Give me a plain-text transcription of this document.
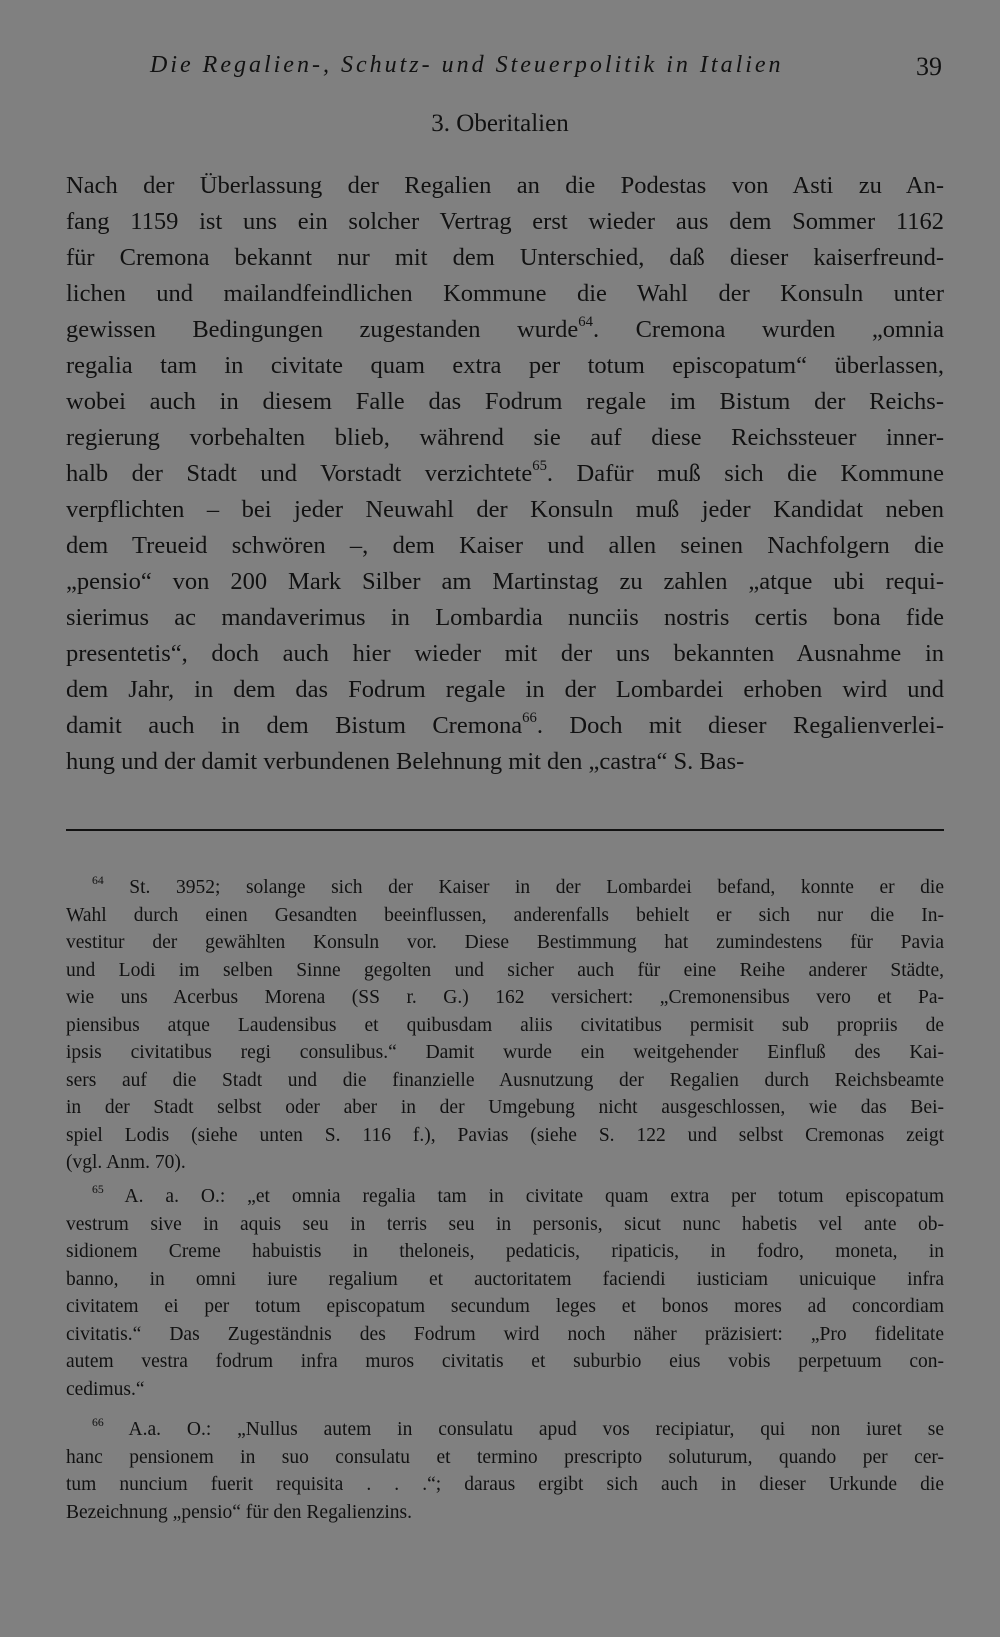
Die Regalien-, Schutz- und Steuerpolitik in Italien	39
3. Oberitalien
Nach der Überlassung der Regalien an die Podestas von Asti zu An-
fang 1159 ist uns ein solcher Vertrag erst wieder aus dem Sommer 1162
für Cremona bekannt nur mit dem Unterschied, daß dieser kaiserfreund-
lichen und mailandfeindlichen Kommune die Wahl der Konsuln unter
gewissen Bedingungen zugestanden wurde$^{64}$. Cremona wurden „omnia
regalia tam in civitate quam extra per totum episcopatum“ überlassen,
wobei auch in diesem Falle das Fodrum regale im Bistum der Reichs-
regierung vorbehalten blieb, während sie auf diese Reichssteuer inner-
halb der Stadt und Vorstadt verzichtete$^{65}$. Dafür muß sich die Kommune
verpflichten – bei jeder Neuwahl der Konsuln muß jeder Kandidat neben
dem Treueid schwören –, dem Kaiser und allen seinen Nachfolgern die
„pensio“ von 200 Mark Silber am Martinstag zu zahlen „atque ubi requi-
sierimus ac mandaverimus in Lombardia nunciis nostris certis bona fide
presentetis“, doch auch hier wieder mit der uns bekannten Ausnahme in
dem Jahr, in dem das Fodrum regale in der Lombardei erhoben wird und
damit auch in dem Bistum Cremona$^{66}$. Doch mit dieser Regalienverlei-
hung und der damit verbundenen Belehnung mit den „castra“ S. Bas-
$^{64}$ St. 3952; solange sich der Kaiser in der Lombardei befand, konnte er die
Wahl durch einen Gesandten beeinflussen, anderenfalls behielt er sich nur die In-
vestitur der gewählten Konsuln vor. Diese Bestimmung hat zumindestens für Pavia
und Lodi im selben Sinne gegolten und sicher auch für eine Reihe anderer Städte,
wie uns Acerbus Morena (SS r. G.) 162 versichert: „Cremonensibus vero et Pa-
piensibus atque Laudensibus et quibusdam aliis civitatibus permisit sub propriis de
ipsis civitatibus regi consulibus.“ Damit wurde ein weitgehender Einfluß des Kai-
sers auf die Stadt und die finanzielle Ausnutzung der Regalien durch Reichsbeamte
in der Stadt selbst oder aber in der Umgebung nicht ausgeschlossen, wie das Bei-
spiel Lodis (siehe unten S. 116 f.), Pavias (siehe S. 122 und selbst Cremonas zeigt
(vgl. Anm. 70).
$^{65}$ A. a. O.: „et omnia regalia tam in civitate quam extra per totum episcopatum
vestrum sive in aquis seu in terris seu in personis, sicut nunc habetis vel ante ob-
sidionem Creme habuistis in theloneis, pedaticis, ripaticis, in fodro, moneta, in
banno, in omni iure regalium et auctoritatem faciendi iusticiam unicuique infra
civitatem ei per totum episcopatum secundum leges et bonos mores ad concordiam
civitatis.“ Das Zugeständnis des Fodrum wird noch näher präzisiert: „Pro fidelitate
autem vestra fodrum infra muros civitatis et suburbio eius vobis perpetuum con-
cedimus.“
$^{66}$ A.a. O.: „Nullus autem in consulatu apud vos recipiatur, qui non iuret se
hanc pensionem in suo consulatu et termino prescripto soluturum, quando per cer-
tum nuncium fuerit requisita . . .“; daraus ergibt sich auch in dieser Urkunde die
Bezeichnung „pensio“ für den Regalienzins.
